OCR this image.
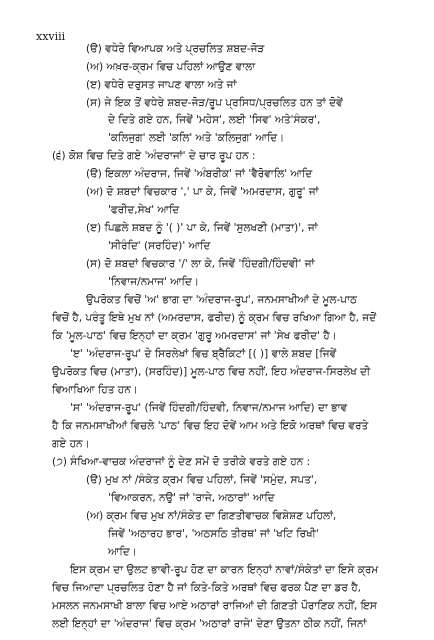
xxviii
(ੳ) ਵਧੇਰੇ ਵਿਆਪਕ ਅਤੇ ਪ੍ਰਚਲਿਤ ਸ਼ਬਦ-ਜੋੜ
(ਅ) ਅਖ਼ਰ-ਕ੍ਰਮ ਵਿਚ ਪਹਿਲਾਂ ਆਉਣ ਵਾਲਾ
(ੲ) ਵਧੇਰੇ ਦਰੁਸਤ ਜਾਪਣ ਵਾਲਾ ਅਤੇ ਜਾਂ
(ਸ) ਜੇ ਇਕ ਤੋਂ ਵਧੇਰੇ ਸ਼ਬਦ-ਜੋੜ/ਰੂਪ ਪ੍ਰਸਿਧ/ਪ੍ਰਚਲਿਤ ਹਨ ਤਾਂ ਦੋਵੇਂ
ਦੇ ਦਿਤੇ ਗਏ ਹਨ, ਜਿਵੇਂ 'ਮਹੇਸ', ਲਈ 'ਸਿਵ' ਅਤੇ'ਸੰਕਰ',
'ਕਲਿਜੁਗ' ਲਈ 'ਕਲਿ' ਅਤੇ 'ਕਲਿਜੁਗ' ਆਦਿ।
(੬) ਕੋਸ਼ ਵਿਚ ਦਿਤੇ ਗਏ 'ਅੰਦਰਾਜਾਂ' ਦੇ ਚਾਰ ਰੂਪ ਹਨ :
(ੳ) ਇਕਲਾ ਅੰਦਰਾਜ, ਜਿਵੇਂ 'ਅੰਬਰੀਕ' ਜਾਂ 'ਵੈਰੋਵਾਲਿ' ਆਦਿ
(ਅ) ਦੋ ਸ਼ਬਦਾਂ ਵਿਚਕਾਰ ',' ਪਾ ਕੇ, ਜਿਵੇਂ 'ਅਮਰਦਾਸ, ਗੁਰੂ' ਜਾਂ
'ਫਰੀਦ,ਸੇਖ' ਆਦਿ
(ੲ) ਪਿਛਲੇ ਸ਼ਬਦ ਨੂੰ '( )' ਪਾ ਕੇ, ਜਿਵੇਂ 'ਸੁਲਖਣੀ (ਮਾਤਾ)', ਜਾਂ
'ਸੀਰੰਦਿ' (ਸਰਹਿੰਦ)' ਆਦਿ
(ਸ) ਦੋ ਸ਼ਬਦਾਂ ਵਿਚਕਾਰ '/' ਲਾ ਕੇ, ਜਿਵੇਂ 'ਹਿੰਦਗੀ/ਹਿੰਦਵੀ' ਜਾਂ
'ਨਿਵਾਜ/ਨਮਾਜ' ਆਦਿ।
ਉਪਰੋਕਤ ਵਿਚੋਂ 'ਅ' ਭਾਗ ਦਾ 'ਅੰਦਰਾਜ-ਰੂਪ', ਜਨਮਸਾਖੀਆਂ ਦੇ ਮੂਲ-ਪਾਠ
ਵਿਚੋਂ ਹੈ, ਪਰੰਤੂ ਇਥੇ ਮੁਖ ਨਾਂ (ਅਮਰਦਾਸ, ਫਰੀਦ) ਨੂੰ ਕ੍ਰਮ ਵਿਚ ਰਖਿਆ ਗਿਆ ਹੈ, ਜਦੋਂ
ਕਿ 'ਮੂਲ-ਪਾਠ' ਵਿਚ ਇਨ੍ਹਾਂ ਦਾ ਕ੍ਰਮ 'ਗੁਰੂ ਅਮਰਦਾਸ' ਜਾਂ 'ਸੇਖ ਫਰੀਦ' ਹੈ।
'ੲ' 'ਅੰਦਰਾਜ-ਰੂਪ' ਦੇ ਸਿਰਲੇਖਾਂ ਵਿਚ ਬ੍ਰੈਕਿਟਾਂ [( )] ਵਾਲੇ ਸ਼ਬਦ [ਜਿਵੇਂ
ਉਪਰੋਕਤ ਵਿਚ (ਮਾਤਾ), (ਸਰਹਿੰਦ)] ਮੂਲ-ਪਾਠ ਵਿਚ ਨਹੀਂ, ਇਹ ਅੰਦਰਾਜ-ਸਿਰਲੇਖ ਦੀ
ਵਿਆਖਿਆ ਹਿਤ ਹਨ।
'ਸ' 'ਅੰਦਰਾਜ-ਰੂਪ' (ਜਿਵੇਂ ਹਿੰਦਗੀ/ਹਿੰਦਵੀ, ਨਿਵਾਜ/ਨਮਾਜ ਆਦਿ) ਦਾ ਭਾਵ
ਹੈ ਕਿ ਜਨਮਸਾਖੀਆਂ ਵਿਚਲੇ 'ਪਾਠ' ਵਿਚ ਇਹ ਦੋਵੇਂ ਆਮ ਅਤੇ ਇਕੋ ਅਰਥਾਂ ਵਿਚ ਵਰਤੇ
ਗਏ ਹਨ।
(੭) ਸੰਖਿਆ-ਵਾਚਕ ਅੰਦਰਾਜਾਂ ਨੂੰ ਦੇਣ ਸਮੇਂ ਦੋ ਤਰੀਕੇ ਵਰਤੇ ਗਏ ਹਨ :
(ੳ) ਮੁਖ ਨਾਂ /ਸੰਕੇਤ ਕ੍ਰਮ ਵਿਚ ਪਹਿਲਾਂ, ਜਿਵੇਂ 'ਸਮੁੰਦ, ਸਪਤ',
'ਵਿਆਕਰਨ, ਨਉ' ਜਾਂ 'ਰਾਜੇ, ਅਠਾਰਾਂ' ਆਦਿ
(ਅ) ਕ੍ਰਮ ਵਿਚ ਮੁਖ ਨਾਂ/ਸੰਕੇਤ ਦਾ ਗਿਣਤੀਵਾਚਕ ਵਿਸ਼ੇਸ਼ਣ ਪਹਿਲਾਂ,
ਜਿਵੇਂ 'ਅਠਾਰਹ ਭਾਰ', 'ਅਠਸਠਿ ਤੀਰਥ' ਜਾਂ 'ਖਟਿ ਰਿਖੀ'
ਆਦਿ।
ਇਸ ਕ੍ਰਮ ਦਾ ਉਲਟ ਭਾਵੀ-ਰੂਪ ਹੋਣ ਦਾ ਕਾਰਨ ਇਨ੍ਹਾਂ ਨਾਵਾਂ/ਸੰਕੇਤਾਂ ਦਾ ਇਸੇ ਕ੍ਰਮ
ਵਿਚ ਜਿਆਦਾ ਪ੍ਰਚਲਿਤ ਹੋਣਾ ਹੈ ਜਾਂ ਕਿਤੇ-ਕਿਤੇ ਅਰਥਾਂ ਵਿਚ ਫਰਕ ਪੈਣ ਦਾ ਡਰ ਹੈ,
ਮਸਲਨ ਜਨਮਸਾਖੀ ਬਾਲਾ ਵਿਚ ਆਏ ਅਠਾਰਾਂ ਰਾਜਿਆਂ ਦੀ ਗਿਣਤੀ ਪੌਰਾਣਿਕ ਨਹੀਂ, ਇਸ
ਲਈ ਇਨ੍ਹਾਂ ਦਾ 'ਅੰਦਰਾਜ' ਵਿਚ ਕ੍ਰਮ 'ਅਠਾਰਾਂ ਰਾਜੇ' ਦੇਣਾ ਉਤਨਾ ਠੀਕ ਨਹੀਂ, ਜਿਨਾਂ
